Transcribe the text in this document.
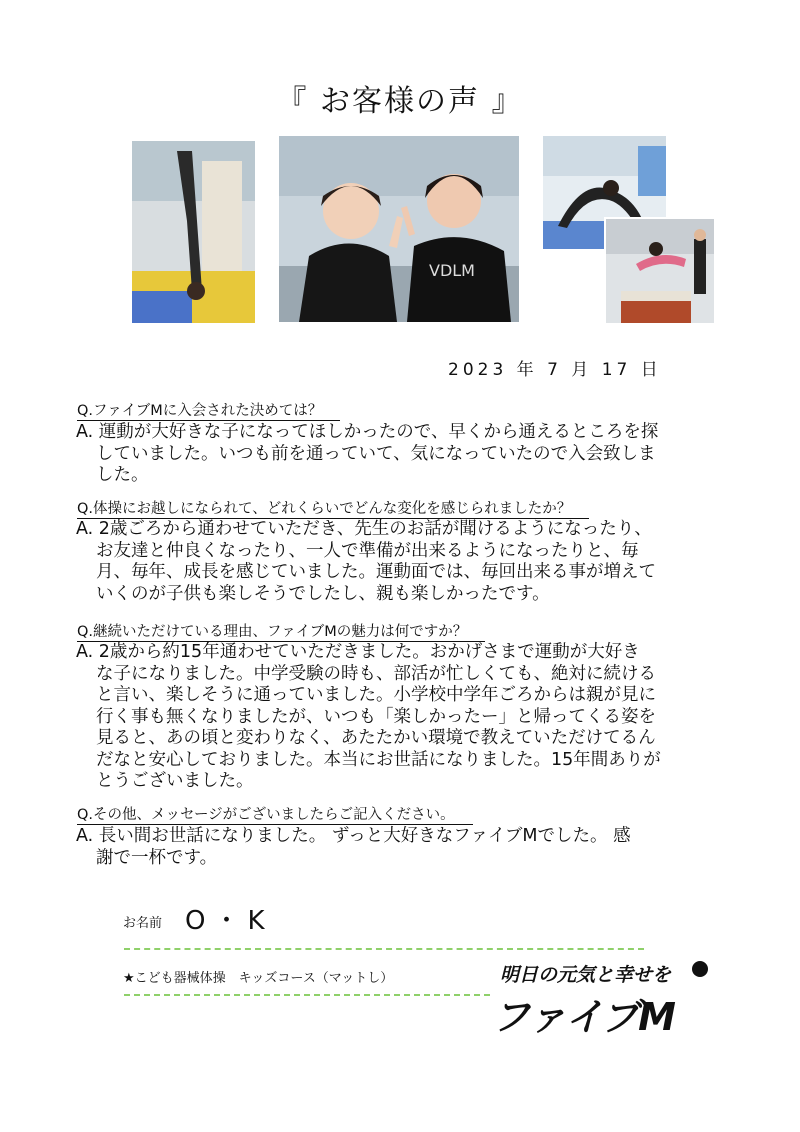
『 お客様の声 』
VDLM
2023 年 7 月 17 日
Q.ファイブMに入会された決めては？
A. 運動が大好きな子になってほしかったので、早くから通えるところを探
していました。いつも前を通っていて、気になっていたので入会致しま
した。
Q.体操にお越しになられて、どれくらいでどんな変化を感じられましたか？
A. 2歳ごろから通わせていただき、先生のお話が聞けるようになったり、
お友達と仲良くなったり、一人で準備が出来るようになったりと、毎
月、毎年、成長を感じていました。運動面では、毎回出来る事が増えて
いくのが子供も楽しそうでしたし、親も楽しかったです。
Q.継続いただけている理由、ファイブMの魅力は何ですか？
A. 2歳から約15年通わせていただきました。おかげさまで運動が大好き
な子になりました。中学受験の時も、部活が忙しくても、絶対に続ける
と言い、楽しそうに通っていました。小学校中学年ごろからは親が見に
行く事も無くなりましたが、いつも「楽しかったー」と帰ってくる姿を
見ると、あの頃と変わりなく、あたたかい環境で教えていただけてるん
だなと安心しておりました。本当にお世話になりました。15年間ありが
とうございました。
Q.その他、メッセージがございましたらご記入ください。
A. 長い間お世話になりました。 ずっと大好きなファイブMでした。 感
謝で一杯です。
お名前 O・K
★こども器械体操　キッズコース（マットし）	明日の元気と幸せを
ファイブM
